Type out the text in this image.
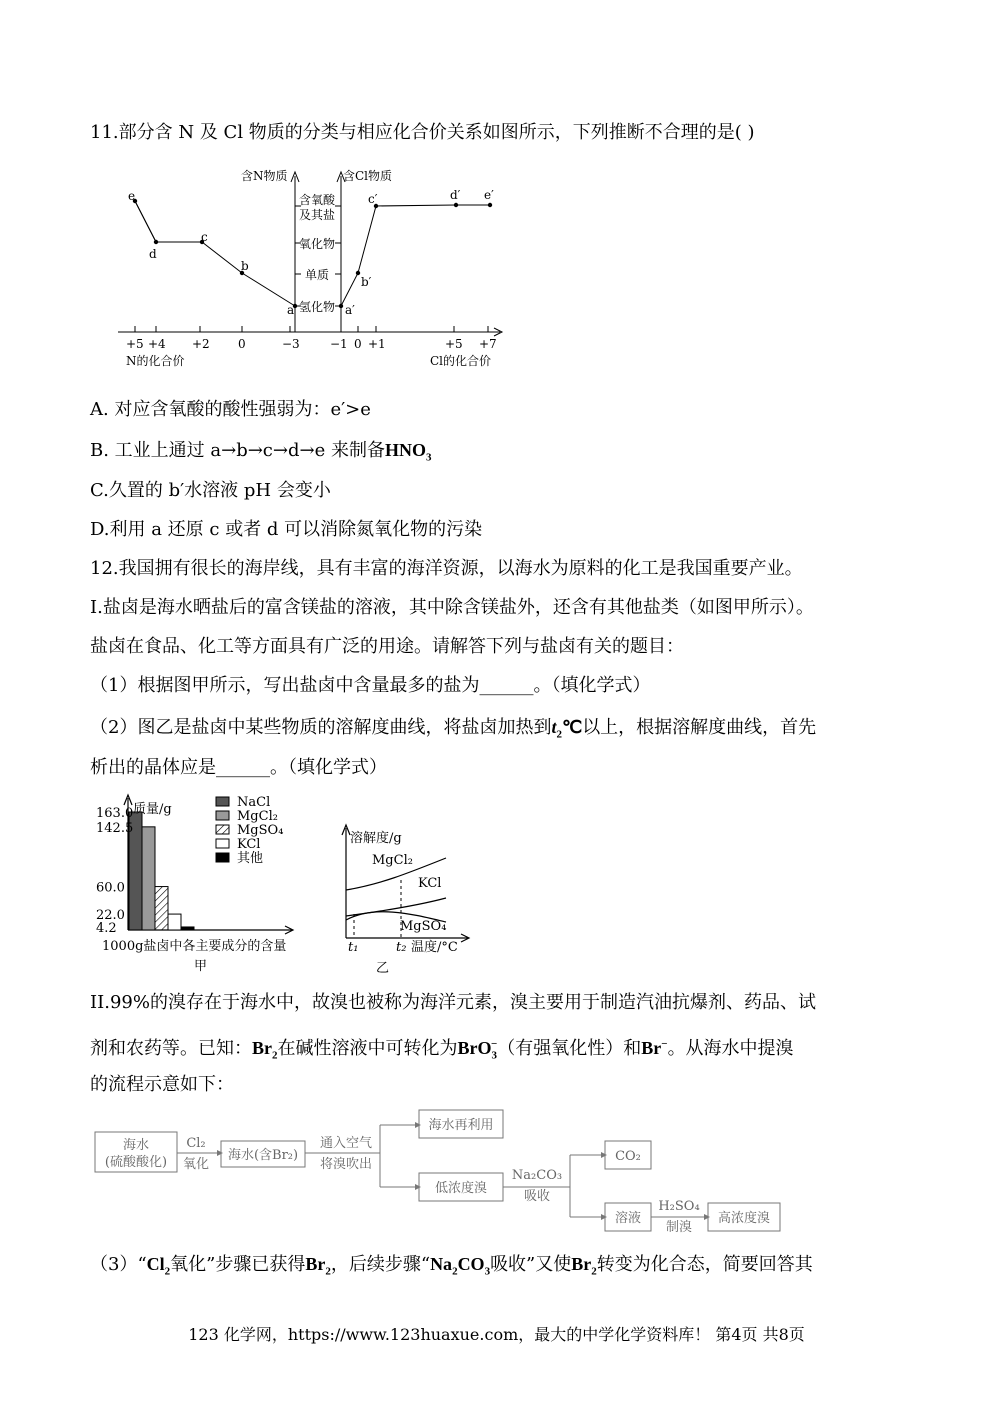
11.部分含 N 及 Cl 物质的分类与相应化合价关系如图所示，下列推断不合理的是( )
含N物质	含Cl物质
含氧酸
及其盐
氧化物
单质
氢化物
e
d
c
b
a	a′
b′
c′	d′ e′
+5 +4 +2 0	−3	−1 0 +1	+5 +7
N的化合价	Cl的化合价
A. 对应含氧酸的酸性强弱为：e′>e
B. 工业上通过 a→b→c→d→e 来制备$HNO_3$
C.久置的 b′水溶液 pH 会变小
D.利用 a 还原 c 或者 d 可以消除氮氧化物的污染
12.我国拥有很长的海岸线，具有丰富的海洋资源，以海水为原料的化工是我国重要产业。
I.盐卤是海水晒盐后的富含镁盐的溶液，其中除含镁盐外，还含有其他盐类（如图甲所示）。
盐卤在食品、化工等方面具有广泛的用途。请解答下列与盐卤有关的题目：
（1）根据图甲所示，写出盐卤中含量最多的盐为______。（填化学式）
（2）图乙是盐卤中某些物质的溶解度曲线，将盐卤加热到$t_2℃$以上，根据溶解度曲线，首先
析出的晶体应是______。（填化学式）
163.0
142.5
60.0
22.0
4.2
质量/g
1000g盐卤中各主要成分的含量
甲
NaCl
MgCl₂
MgSO₄
KCl
其他
溶解度/g
MgCl₂
KCl
MgSO₄
t₁	t₂ 温度/°C
乙
II.99%的溴存在于海水中，故溴也被称为海洋元素，溴主要用于制造汽油抗爆剂、药品、试
剂和农药等。已知：$Br_2$在碱性溶液中可转化为BrO$_3$−（有强氧化性）和Br−。从海水中提溴
的流程示意如下：
海水
(硫酸酸化)
Cl₂
氧化
海水(含Br₂)
通入空气
将溴吹出
海水再利用
低浓度溴
Na₂CO₃
吸收
CO₂
溶液
H₂SO₄
制溴
高浓度溴
$(3)“Cl_2$氧化”步骤已获得$Br_2$，后续步骤“$Na_2CO_3$吸收”又使$Br_2$转变为化合态，简要回答其
123 化学网，https://www.123huaxue.com，最大的中学化学资料库！ 第4页 共8页
